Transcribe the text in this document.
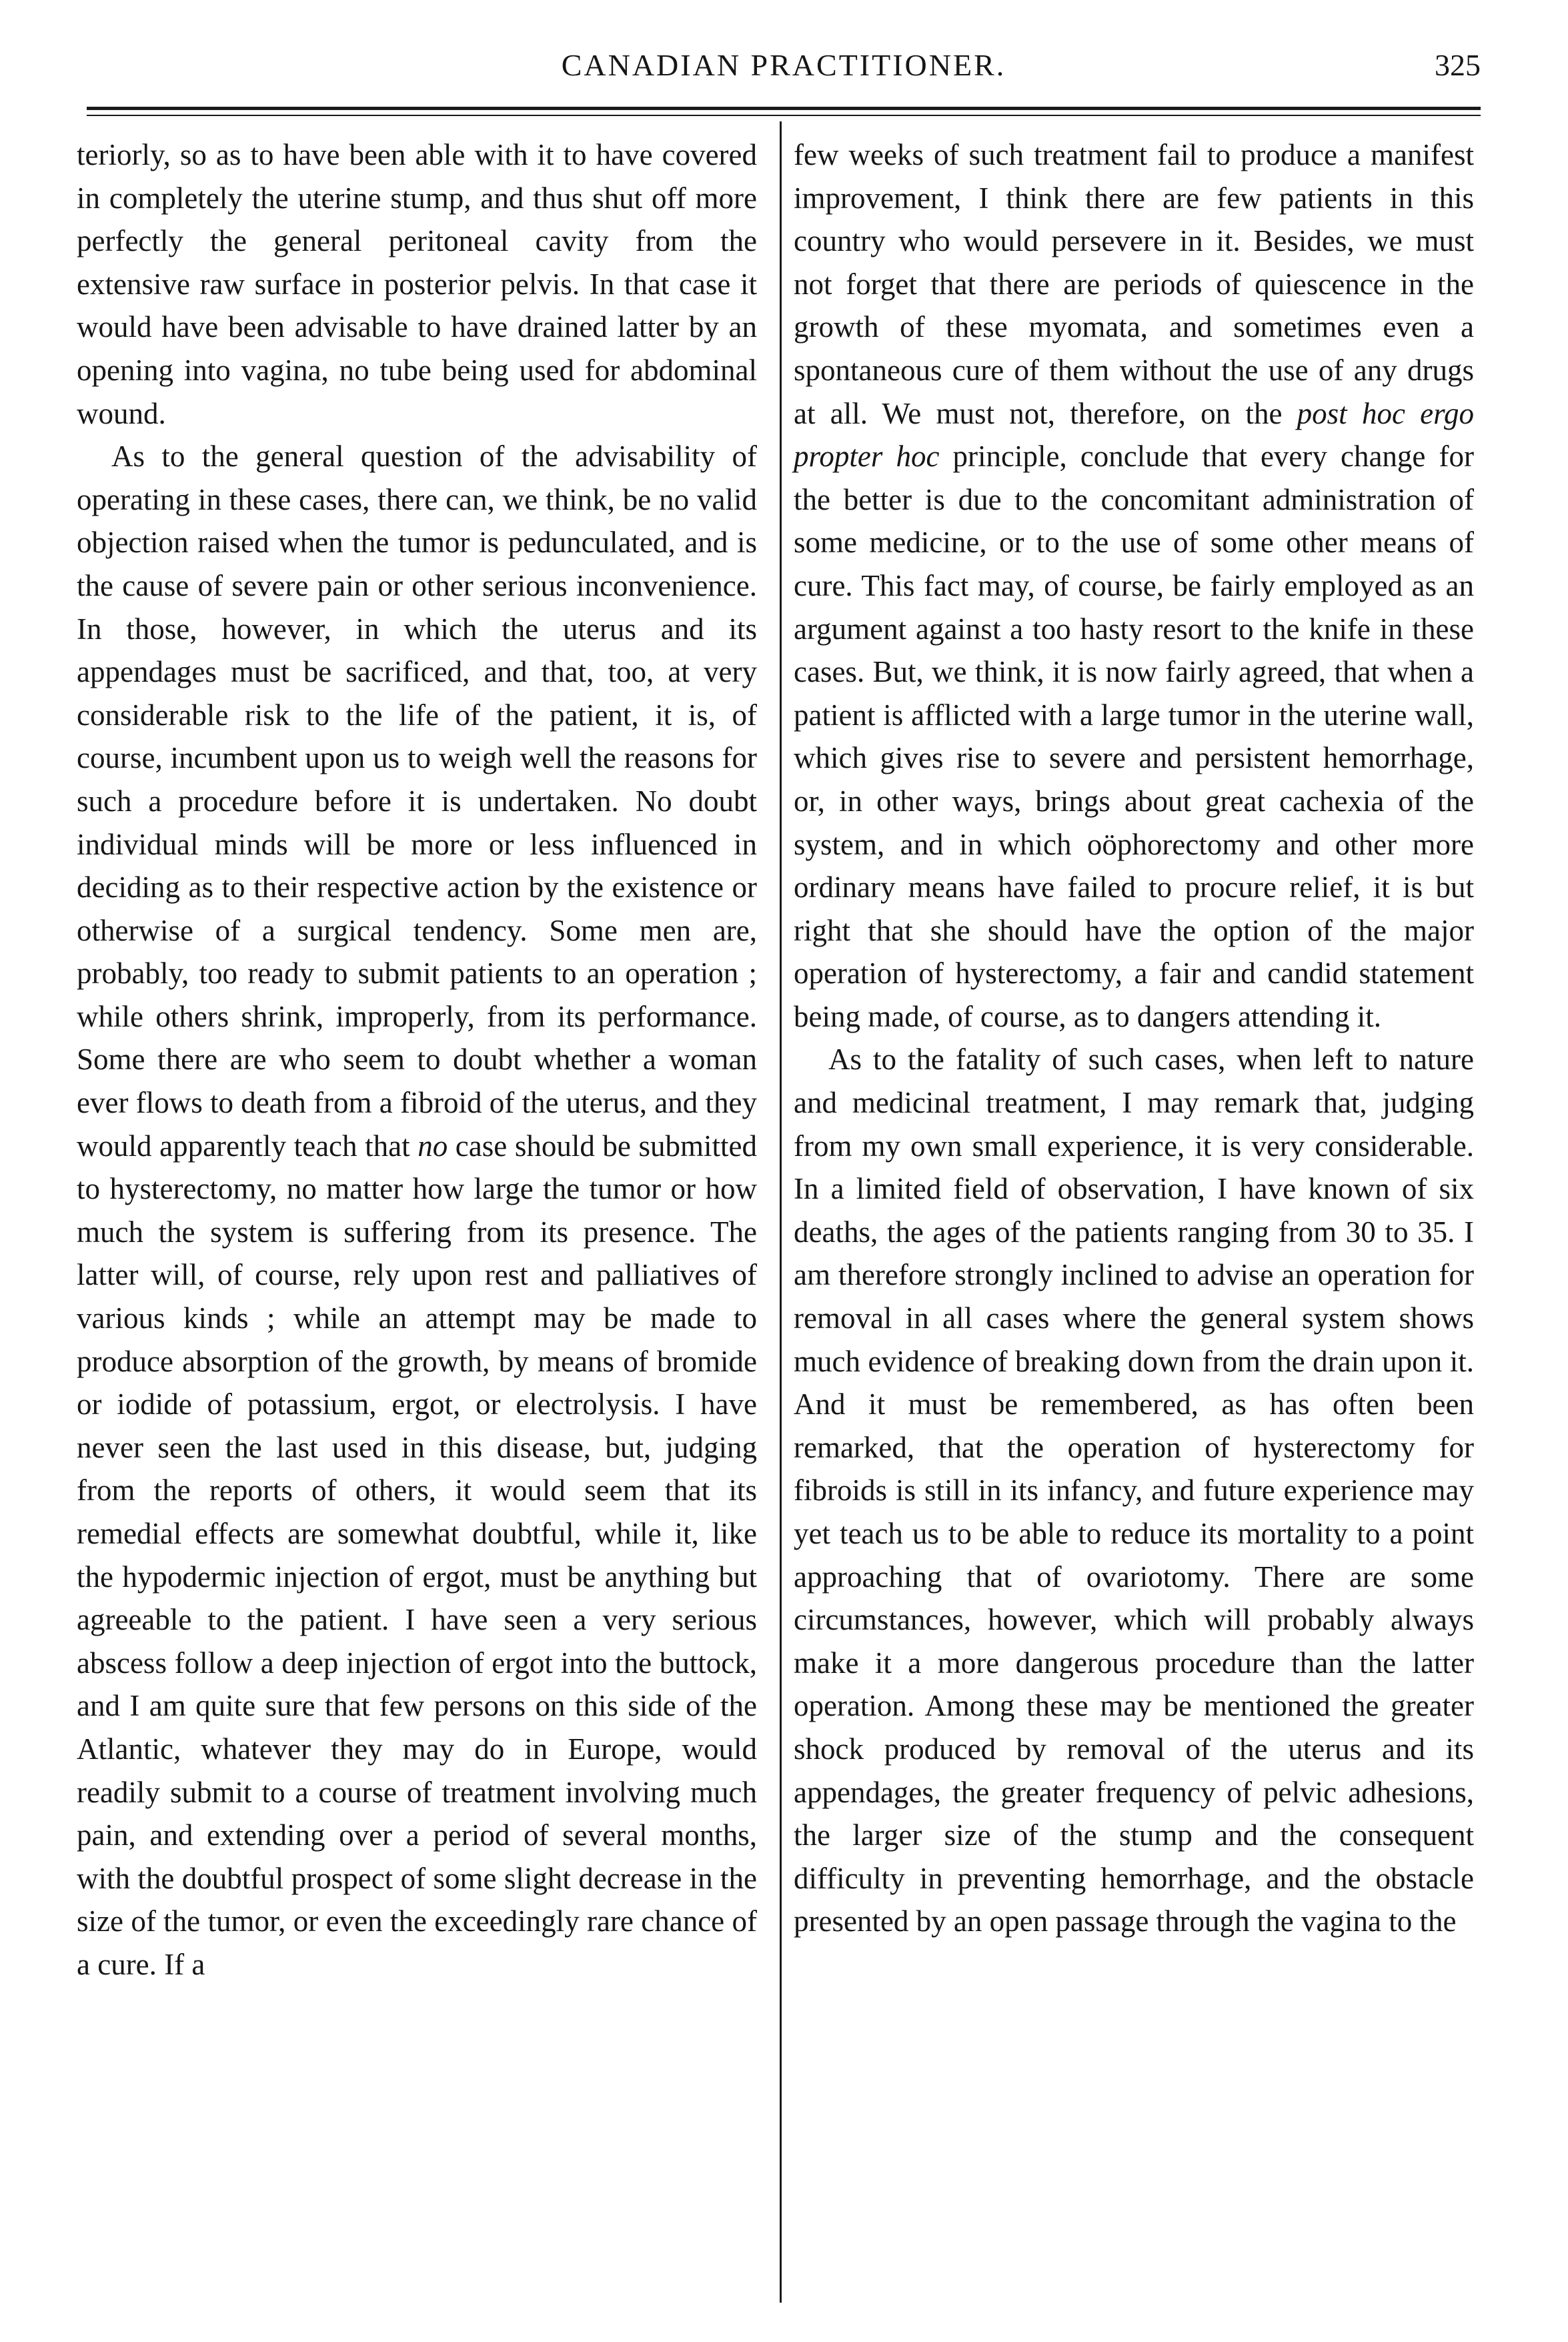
CANADIAN PRACTITIONER.	325

teriorly, so as to have been able with it to have covered in completely the uterine stump, and thus shut off more perfectly the general peritoneal cavity from the extensive raw surface in posterior pelvis. In that case it would have been advisable to have drained latter by an opening into vagina, no tube being used for abdominal wound.

As to the general question of the advisability of operating in these cases, there can, we think, be no valid objection raised when the tumor is pedunculated, and is the cause of severe pain or other serious inconvenience. In those, however, in which the uterus and its appendages must be sacrificed, and that, too, at very considerable risk to the life of the patient, it is, of course, incumbent upon us to weigh well the reasons for such a procedure before it is undertaken. No doubt individual minds will be more or less influenced in deciding as to their respective action by the existence or otherwise of a surgical tendency. Some men are, probably, too ready to submit patients to an operation ; while others shrink, improperly, from its performance. Some there are who seem to doubt whether a woman ever flows to death from a fibroid of the uterus, and they would apparently teach that no case should be submitted to hysterectomy, no matter how large the tumor or how much the system is suffering from its presence. The latter will, of course, rely upon rest and palliatives of various kinds ; while an attempt may be made to produce absorption of the growth, by means of bromide or iodide of potassium, ergot, or electrolysis. I have never seen the last used in this disease, but, judging from the reports of others, it would seem that its remedial effects are somewhat doubtful, while it, like the hypodermic injection of ergot, must be anything but agreeable to the patient. I have seen a very serious abscess follow a deep injection of ergot into the buttock, and I am quite sure that few persons on this side of the Atlantic, whatever they may do in Europe, would readily submit to a course of treatment involving much pain, and extending over a period of several months, with the doubtful prospect of some slight decrease in the size of the tumor, or even the exceedingly rare chance of a cure. If a

few weeks of such treatment fail to produce a manifest improvement, I think there are few patients in this country who would persevere in it. Besides, we must not forget that there are periods of quiescence in the growth of these myomata, and sometimes even a spontaneous cure of them without the use of any drugs at all. We must not, therefore, on the post hoc ergo propter hoc principle, conclude that every change for the better is due to the concomitant administration of some medicine, or to the use of some other means of cure. This fact may, of course, be fairly employed as an argument against a too hasty resort to the knife in these cases. But, we think, it is now fairly agreed, that when a patient is afflicted with a large tumor in the uterine wall, which gives rise to severe and persistent hemorrhage, or, in other ways, brings about great cachexia of the system, and in which oöphorectomy and other more ordinary means have failed to procure relief, it is but right that she should have the option of the major operation of hysterectomy, a fair and candid statement being made, of course, as to dangers attending it.

As to the fatality of such cases, when left to nature and medicinal treatment, I may remark that, judging from my own small experience, it is very considerable. In a limited field of observation, I have known of six deaths, the ages of the patients ranging from 30 to 35. I am therefore strongly inclined to advise an operation for removal in all cases where the general system shows much evidence of breaking down from the drain upon it. And it must be remembered, as has often been remarked, that the operation of hysterectomy for fibroids is still in its infancy, and future experience may yet teach us to be able to reduce its mortality to a point approaching that of ovariotomy. There are some circumstances, however, which will probably always make it a more dangerous procedure than the latter operation. Among these may be mentioned the greater shock produced by removal of the uterus and its appendages, the greater frequency of pelvic adhesions, the larger size of the stump and the consequent difficulty in preventing hemorrhage, and the obstacle presented by an open passage through the vagina to the
